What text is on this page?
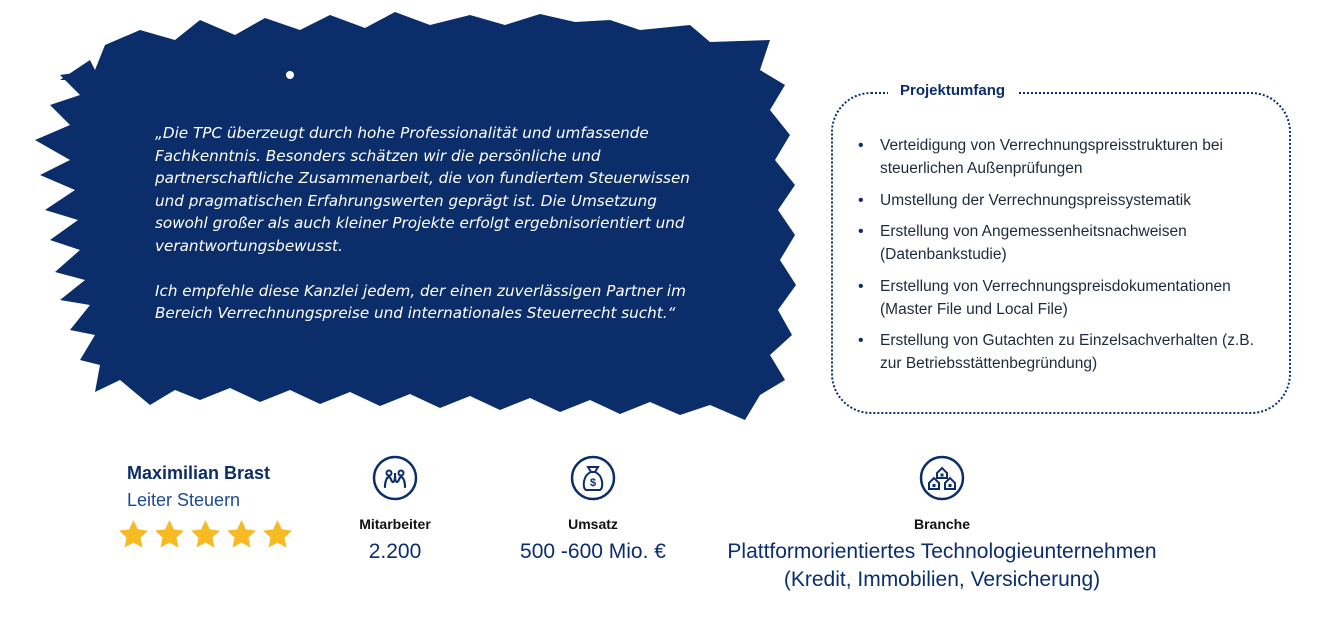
„Die TPC überzeugt durch hohe Professionalität und umfassende Fachkenntnis. Besonders schätzen wir die persönliche und partnerschaftliche Zusammenarbeit, die von fundiertem Steuerwissen und pragmatischen Erfahrungswerten geprägt ist. Die Umsetzung sowohl großer als auch kleiner Projekte erfolgt ergebnisorientiert und verantwortungsbewusst.

Ich empfehle diese Kanzlei jedem, der einen zuverlässigen Partner im Bereich Verrechnungspreise und internationales Steuerrecht sucht.“

Projektumfang
• Verteidigung von Verrechnungspreisstrukturen bei steuerlichen Außenprüfungen
• Umstellung der Verrechnungspreissystematik
• Erstellung von Angemessenheitsnachweisen (Datenbankstudie)
• Erstellung von Verrechnungspreisdokumentationen (Master File und Local File)
• Erstellung von Gutachten zu Einzelsachverhalten (z.B. zur Betriebsstättenbegründung)
Maximilian Brast
Leiter Steuern
Mitarbeiter
2.200
$
Umsatz
500 -600 Mio. €
Branche
Plattformorientiertes Technologieunternehmen
(Kredit, Immobilien, Versicherung)
